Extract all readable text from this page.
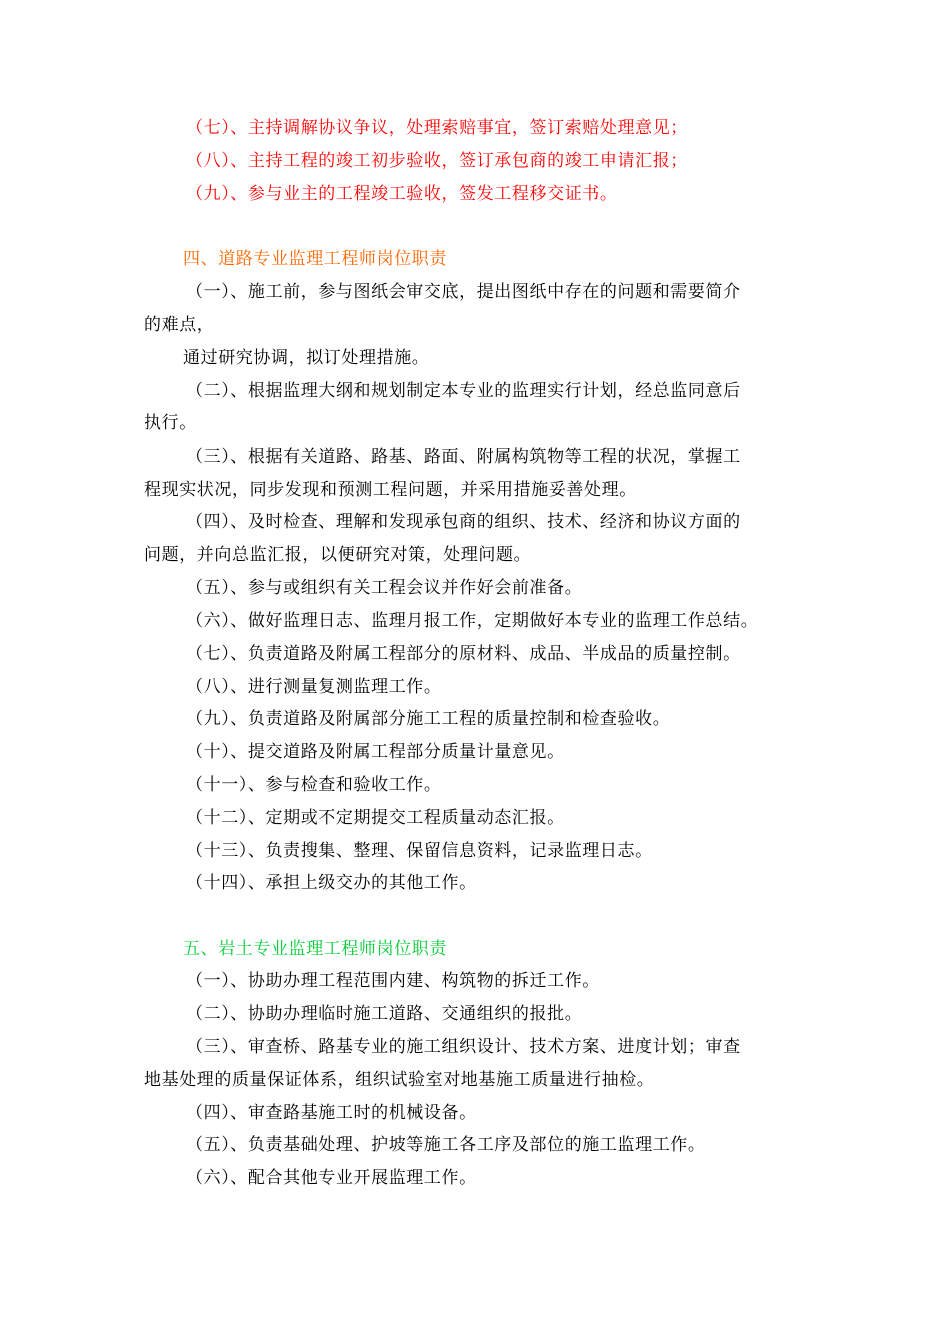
（七）、主持调解协议争议，处理索赔事宜，签订索赔处理意见；
（八）、主持工程的竣工初步验收，签订承包商的竣工申请汇报；
（九）、参与业主的工程竣工验收，签发工程移交证书。
四、道路专业监理工程师岗位职责
（一）、施工前，参与图纸会审交底，提出图纸中存在的问题和需要简介
的难点，
通过研究协调，拟订处理措施。
（二）、根据监理大纲和规划制定本专业的监理实行计划，经总监同意后
执行。
（三）、根据有关道路、路基、路面、附属构筑物等工程的状况，掌握工
程现实状况，同步发现和预测工程问题，并采用措施妥善处理。
（四）、及时检查、理解和发现承包商的组织、技术、经济和协议方面的
问题，并向总监汇报，以便研究对策，处理问题。
（五）、参与或组织有关工程会议并作好会前准备。
（六）、做好监理日志、监理月报工作，定期做好本专业的监理工作总结。
（七）、负责道路及附属工程部分的原材料、成品、半成品的质量控制。
（八）、进行测量复测监理工作。
（九）、负责道路及附属部分施工工程的质量控制和检查验收。
（十）、提交道路及附属工程部分质量计量意见。
（十一）、参与检查和验收工作。
（十二）、定期或不定期提交工程质量动态汇报。
（十三）、负责搜集、整理、保留信息资料，记录监理日志。
（十四）、承担上级交办的其他工作。
五、岩土专业监理工程师岗位职责
（一）、协助办理工程范围内建、构筑物的拆迁工作。
（二）、协助办理临时施工道路、交通组织的报批。
（三）、审查桥、路基专业的施工组织设计、技术方案、进度计划；审查
地基处理的质量保证体系，组织试验室对地基施工质量进行抽检。
（四）、审查路基施工时的机械设备。
（五）、负责基础处理、护坡等施工各工序及部位的施工监理工作。
（六）、配合其他专业开展监理工作。
